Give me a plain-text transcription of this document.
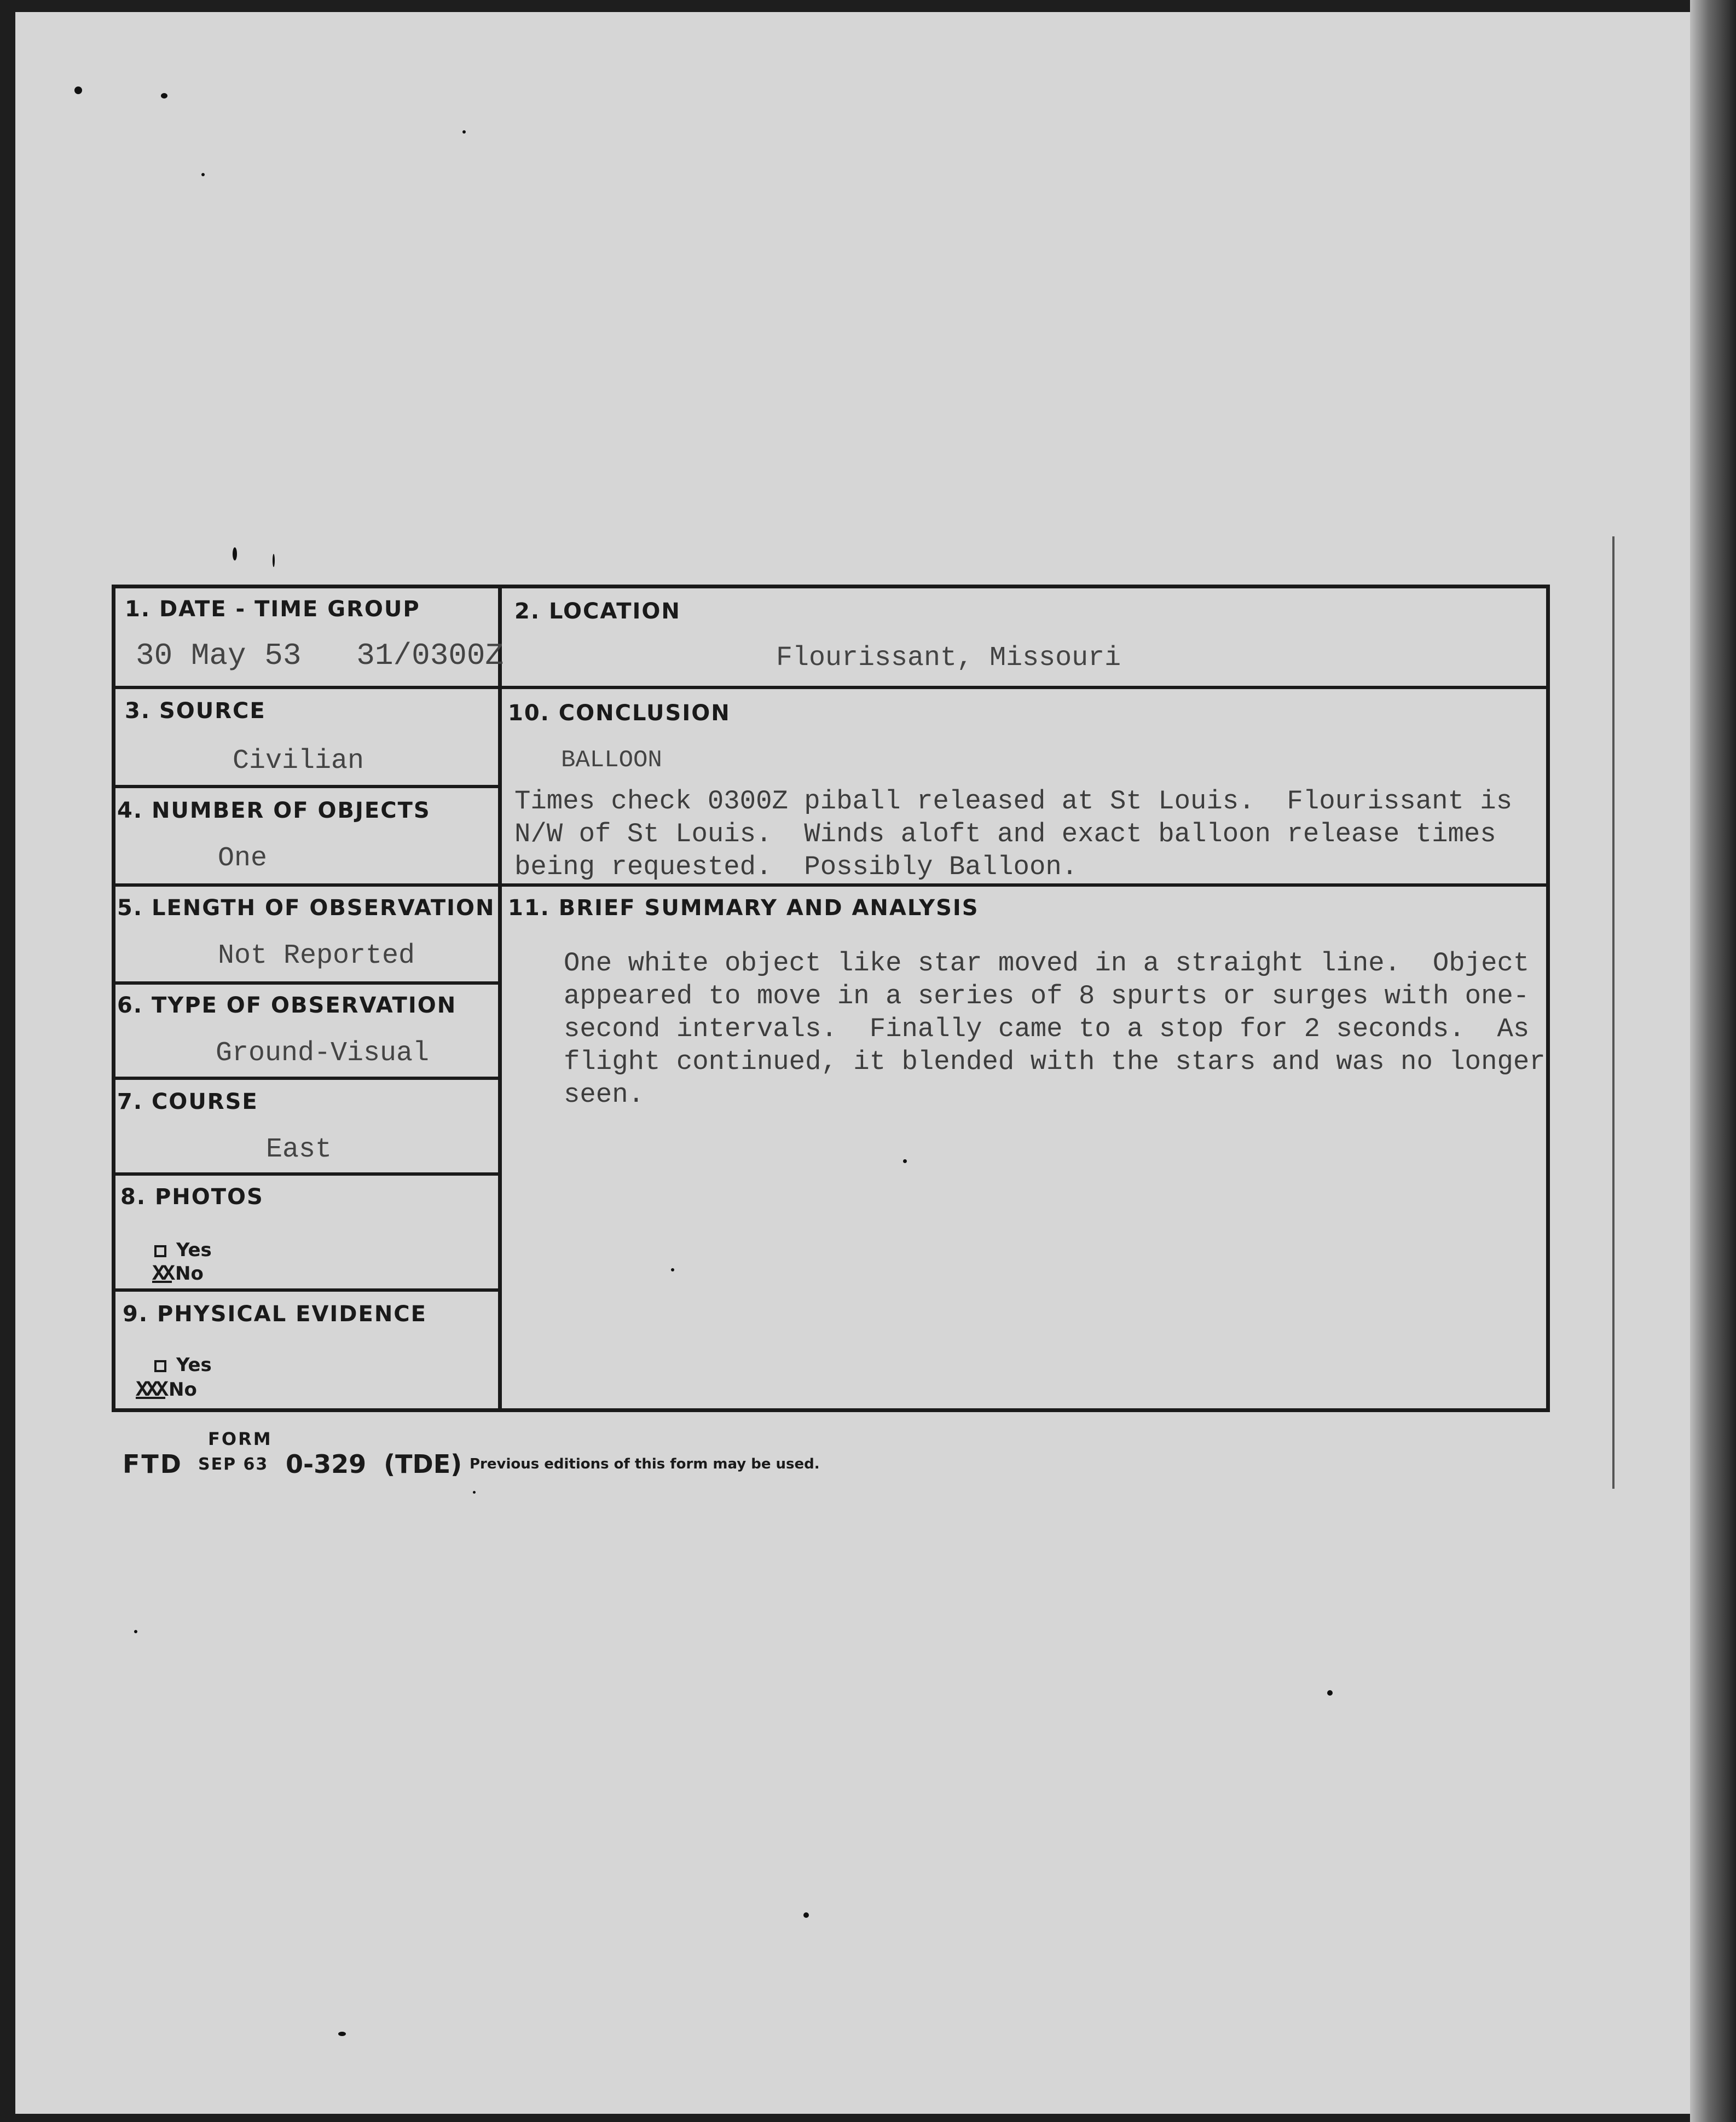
1. DATE - TIME GROUP
30 May 53   31/0300Z
2. LOCATION
Flourissant, Missouri
3. SOURCE
Civilian
4. NUMBER OF OBJECTS
One
5. LENGTH OF OBSERVATION
Not Reported
6. TYPE OF OBSERVATION
Ground-Visual
7. COURSE
East
8. PHOTOS
Yes
XX No
9. PHYSICAL EVIDENCE
Yes
XXX No
10. CONCLUSION
BALLOON
Times check 0300Z piball released at St Louis.  Flourissant is
N/W of St Louis.  Winds aloft and exact balloon release times
being requested.  Possibly Balloon.
11. BRIEF SUMMARY AND ANALYSIS
One white object like star moved in a straight line.  Object
appeared to move in a series of 8 spurts or surges with one-
second intervals.  Finally came to a stop for 2 seconds.  As
flight continued, it blended with the stars and was no longer
seen.
FORM
FTD SEP 63 0-329  (TDE) Previous editions of this form may be used.
